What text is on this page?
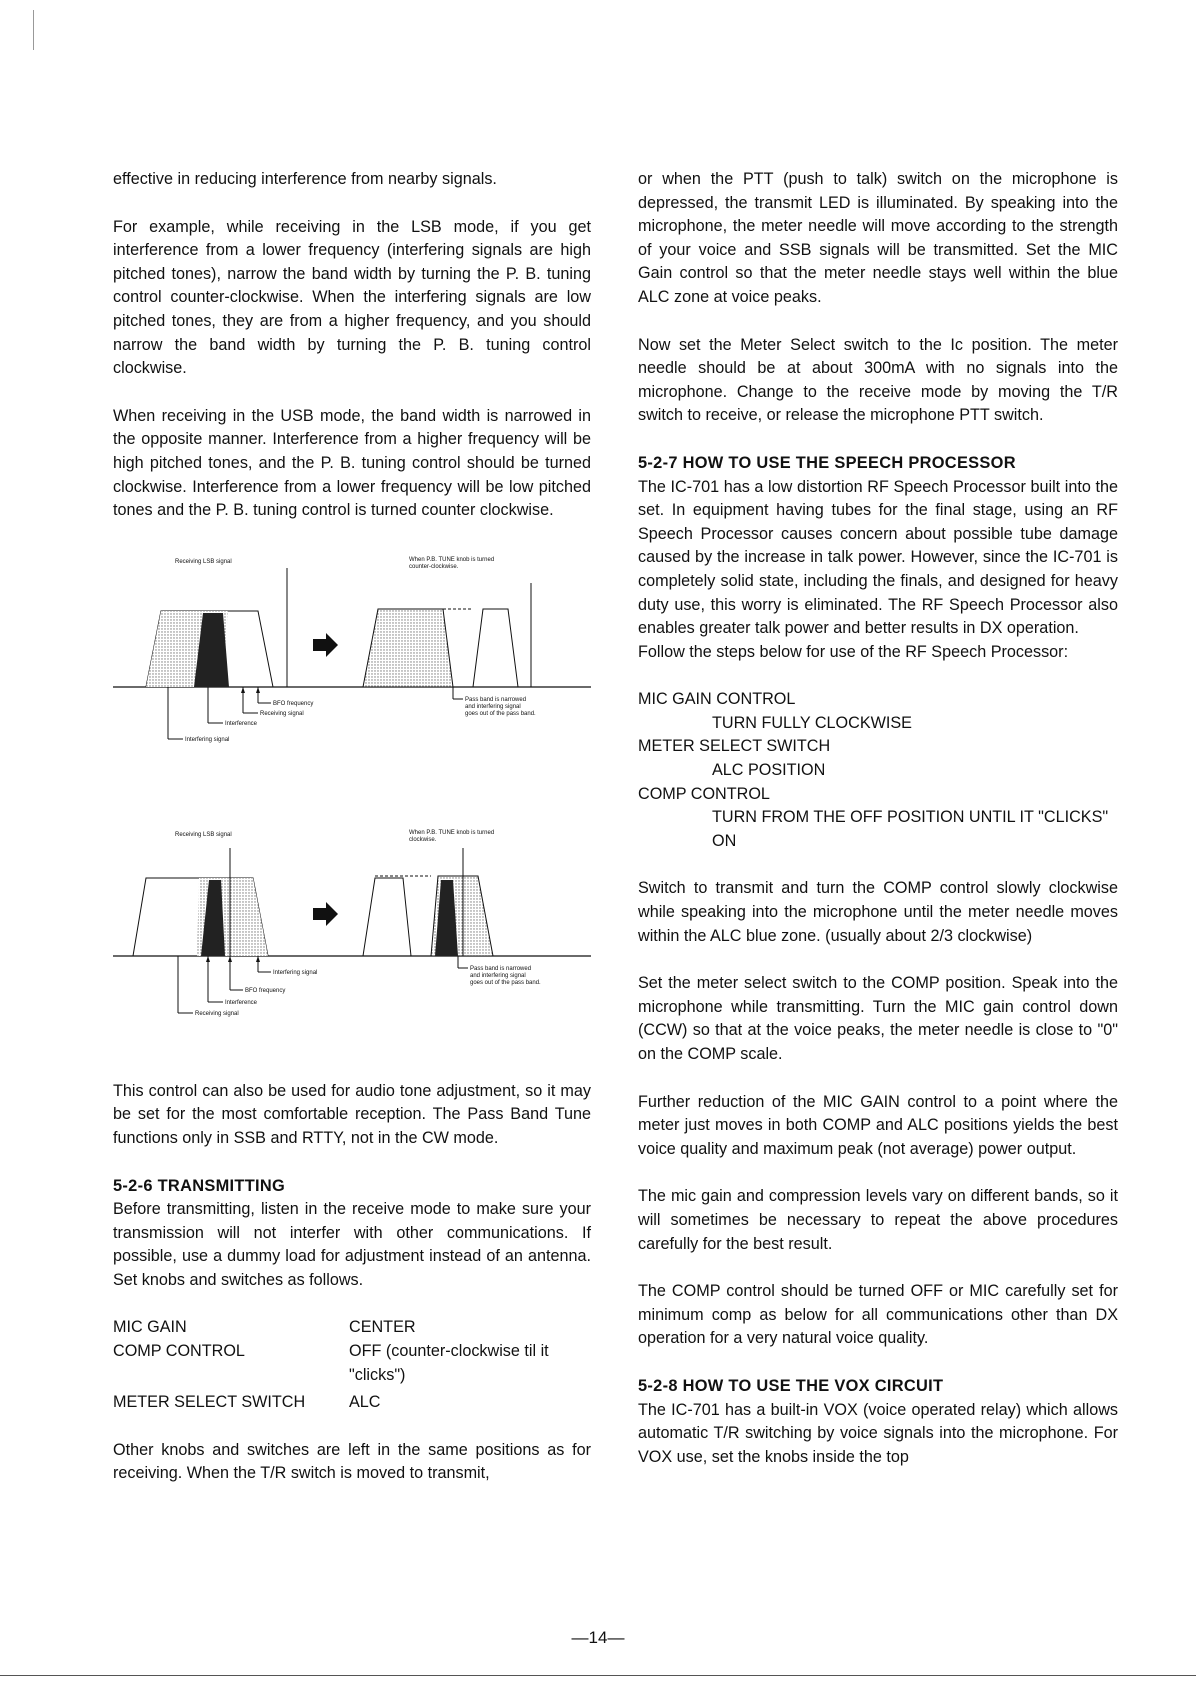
effective in reducing interference from nearby signals.

For example, while receiving in the LSB mode, if you get interference from a lower frequency (interfering signals are high pitched tones), narrow the band width by turning the P. B. tuning control counter-clockwise. When the interfering signals are low pitched tones, they are from a higher frequency, and you should narrow the band width by turning the P. B. tuning control clockwise.

When receiving in the USB mode, the band width is narrowed in the opposite manner. Interference from a higher frequency will be high pitched tones, and the P. B. tuning control should be turned clockwise. Interference from a lower frequency will be low pitched tones and the P. B. tuning control is turned counter clockwise.

Receiving LSB signal	When P.B. TUNE knob is turned
counter-clockwise.
BFO frequency
Receiving signal
Interference
Interfering signal
Pass band is narrowed
and interfering signal
goes out of the pass band.
Receiving LSB signal	When P.B. TUNE knob is turned
clockwise.
Interfering signal
BFO frequency
Interference
Receiving signal
Pass band is narrowed
and interfering signal
goes out of the pass band.

This control can also be used for audio tone adjustment, so it may be set for the most comfortable reception. The Pass Band Tune functions only in SSB and RTTY, not in the CW mode.

5-2-6 TRANSMITTING

Before transmitting, listen in the receive mode to make sure your transmission will not interfer with other communications. If possible, use a dummy load for adjustment instead of an antenna. Set knobs and switches as follows.

MIC GAIN	CENTER
COMP CONTROL	OFF (counter-clockwise til it "clicks")
METER SELECT SWITCH	ALC

Other knobs and switches are left in the same positions as for receiving. When the T/R switch is moved to transmit,

or when the PTT (push to talk) switch on the microphone is depressed, the transmit LED is illuminated. By speaking into the microphone, the meter needle will move according to the strength of your voice and SSB signals will be transmitted. Set the MIC Gain control so that the meter needle stays well within the blue ALC zone at voice peaks.

Now set the Meter Select switch to the Ic position. The meter needle should be at about 300mA with no signals into the microphone. Change to the receive mode by moving the T/R switch to receive, or release the microphone PTT switch.

5-2-7 HOW TO USE THE SPEECH PROCESSOR

The IC-701 has a low distortion RF Speech Processor built into the set. In equipment having tubes for the final stage, using an RF Speech Processor causes concern about possible tube damage caused by the increase in talk power. However, since the IC-701 is completely solid state, including the finals, and designed for heavy duty use, this worry is eliminated. The RF Speech Processor also enables greater talk power and better results in DX operation.

Follow the steps below for use of the RF Speech Processor:

MIC GAIN CONTROL
TURN FULLY CLOCKWISE
METER SELECT SWITCH
ALC POSITION
COMP CONTROL
TURN FROM THE OFF POSITION UNTIL IT "CLICKS" ON

Switch to transmit and turn the COMP control slowly clockwise while speaking into the microphone until the meter needle moves within the ALC blue zone. (usually about 2/3 clockwise)

Set the meter select switch to the COMP position. Speak into the microphone while transmitting. Turn the MIC gain control down (CCW) so that at the voice peaks, the meter needle is close to "0" on the COMP scale.

Further reduction of the MIC GAIN control to a point where the meter just moves in both COMP and ALC positions yields the best voice quality and maximum peak (not average) power output.

The mic gain and compression levels vary on different bands, so it will sometimes be necessary to repeat the above procedures carefully for the best result.

The COMP control should be turned OFF or MIC carefully set for minimum comp as below for all communications other than DX operation for a very natural voice quality.

5-2-8 HOW TO USE THE VOX CIRCUIT

The IC-701 has a built-in VOX (voice operated relay) which allows automatic T/R switching by voice signals into the microphone. For VOX use, set the knobs inside the top

—14—
